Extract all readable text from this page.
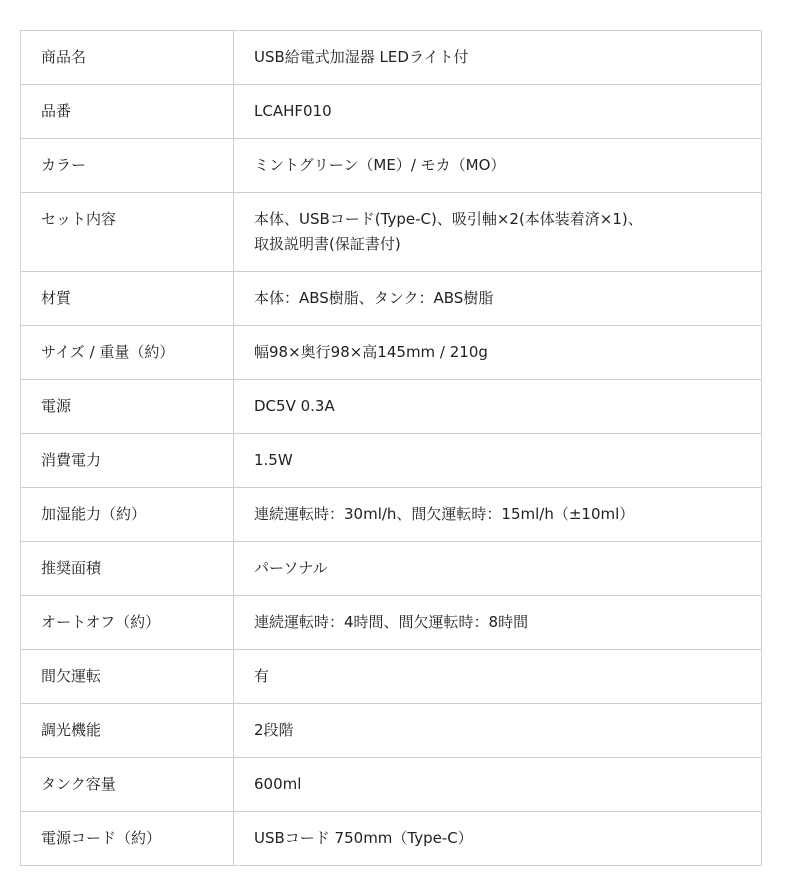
商品名	USB給電式加湿器 LEDライト付
品番	LCAHF010
カラー	ミントグリーン（ME）/ モカ（MO）
セット内容	本体、USBコード(Type-C)、吸引軸×2(本体装着済×1)、
取扱説明書(保証書付)
材質	本体：ABS樹脂、タンク：ABS樹脂
サイズ / 重量（約）	幅98×奥行98×高145mm / 210g
電源	DC5V 0.3A
消費電力	1.5W
加湿能力（約）	連続運転時：30ml/h、間欠運転時：15ml/h（±10ml）
推奨面積	パーソナル
オートオフ（約）	連続運転時：4時間、間欠運転時：8時間
間欠運転	有
調光機能	2段階
タンク容量	600ml
電源コード（約）	USBコード 750mm（Type-C）
